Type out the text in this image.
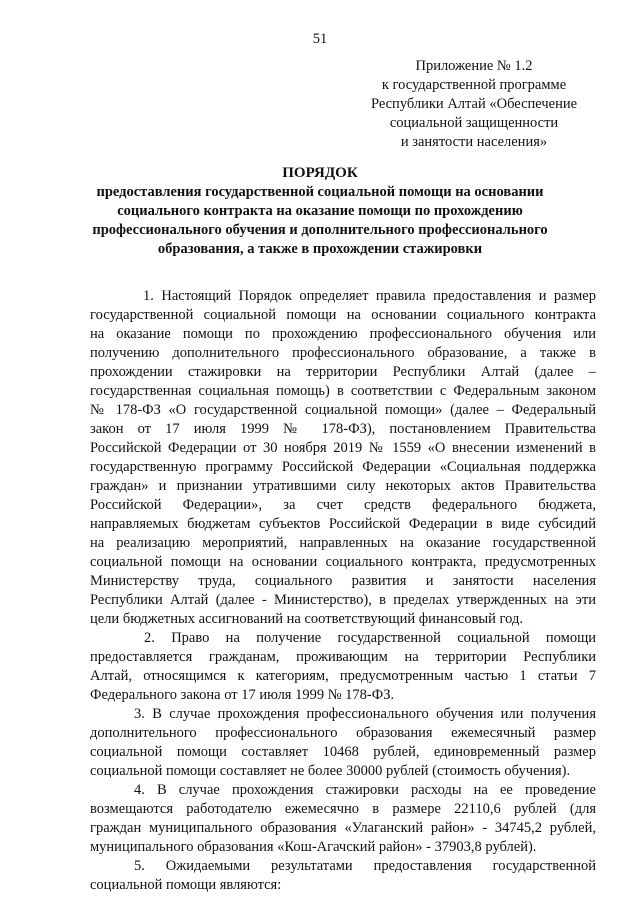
51
Приложение № 1.2
к государственной программе
Республики Алтай «Обеспечение
социальной защищенности
и занятости населения»
ПОРЯДОК
предоставления государственной социальной помощи на основании
социального контракта на оказание помощи по прохождению
профессионального обучения и дополнительного профессионального
образования, а также в прохождении стажировки
1. Настоящий Порядок определяет правила предоставления и размер
государственной социальной помощи на основании социального контракта
на оказание помощи по прохождению профессионального обучения или
получению дополнительного профессионального образование, а также в
прохождении стажировки на территории Республики Алтай (далее –
государственная социальная помощь) в соответствии с Федеральным законом
№ 178-ФЗ «О государственной социальной помощи» (далее – Федеральный
закон от 17 июля 1999 № 178-ФЗ), постановлением Правительства
Российской Федерации от 30 ноября 2019 № 1559 «О внесении изменений в
государственную программу Российской Федерации «Социальная поддержка
граждан» и признании утратившими силу некоторых актов Правительства
Российской Федерации», за счет средств федерального бюджета,
направляемых бюджетам субъектов Российской Федерации в виде субсидий
на реализацию мероприятий, направленных на оказание государственной
социальной помощи на основании социального контракта, предусмотренных
Министерству труда, социального развития и занятости населения
Республики Алтай (далее - Министерство), в пределах утвержденных на эти
цели бюджетных ассигнований на соответствующий финансовый год.
2. Право на получение государственной социальной помощи
предоставляется гражданам, проживающим на территории Республики
Алтай, относящимся к категориям, предусмотренным частью 1 статьи 7
Федерального закона от 17 июля 1999 № 178-ФЗ.
3. В случае прохождения профессионального обучения или получения
дополнительного профессионального образования ежемесячный размер
социальной помощи составляет 10468 рублей, единовременный размер
социальной помощи составляет не более 30000 рублей (стоимость обучения).
4. В случае прохождения стажировки расходы на ее проведение
возмещаются работодателю ежемесячно в размере 22110,6 рублей (для
граждан муниципального образования «Улаганский район» - 34745,2 рублей,
муниципального образования «Кош-Агачский район» - 37903,8 рублей).
5. Ожидаемыми результатами предоставления государственной
социальной помощи являются:
